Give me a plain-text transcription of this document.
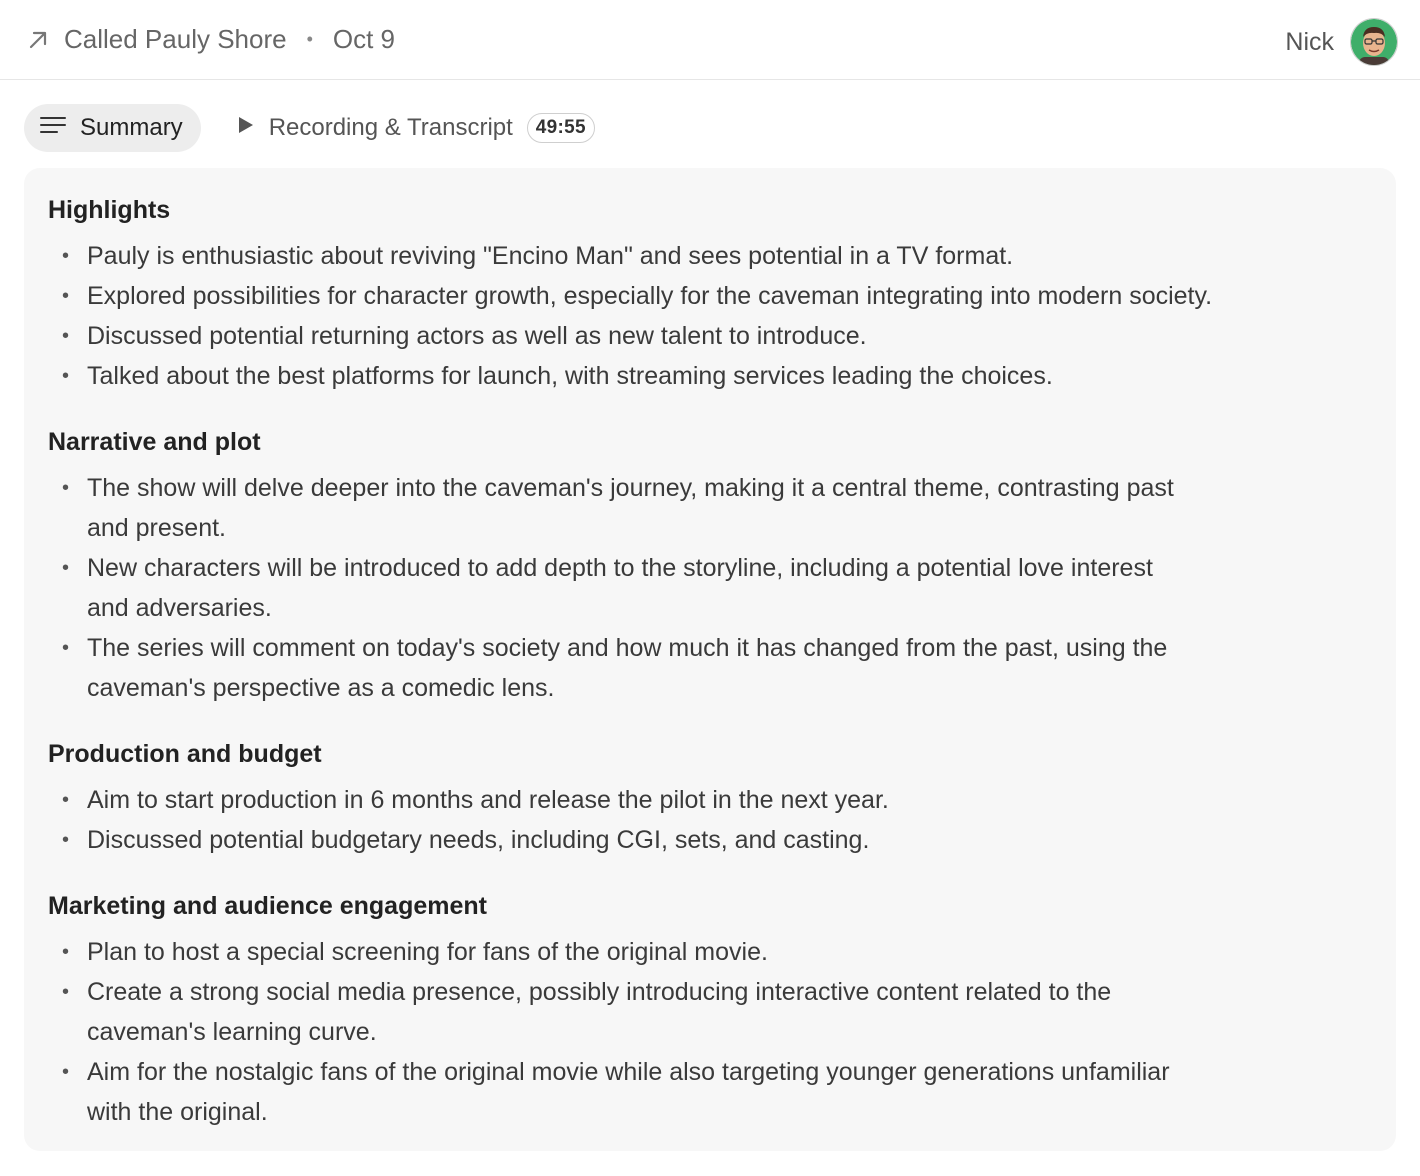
Called Pauly Shore • Oct 9	Nick
Summary	Recording & Transcript	49:55
Highlights
• Pauly is enthusiastic about reviving "Encino Man" and sees potential in a TV format.
• Explored possibilities for character growth, especially for the caveman integrating into modern society.
• Discussed potential returning actors as well as new talent to introduce.
• Talked about the best platforms for launch, with streaming services leading the choices.
Narrative and plot
• The show will delve deeper into the caveman's journey, making it a central theme, contrasting past and present.
• New characters will be introduced to add depth to the storyline, including a potential love interest and adversaries.
• The series will comment on today's society and how much it has changed from the past, using the caveman's perspective as a comedic lens.
Production and budget
• Aim to start production in 6 months and release the pilot in the next year.
• Discussed potential budgetary needs, including CGI, sets, and casting.
Marketing and audience engagement
• Plan to host a special screening for fans of the original movie.
• Create a strong social media presence, possibly introducing interactive content related to the caveman's learning curve.
• Aim for the nostalgic fans of the original movie while also targeting younger generations unfamiliar with the original.
